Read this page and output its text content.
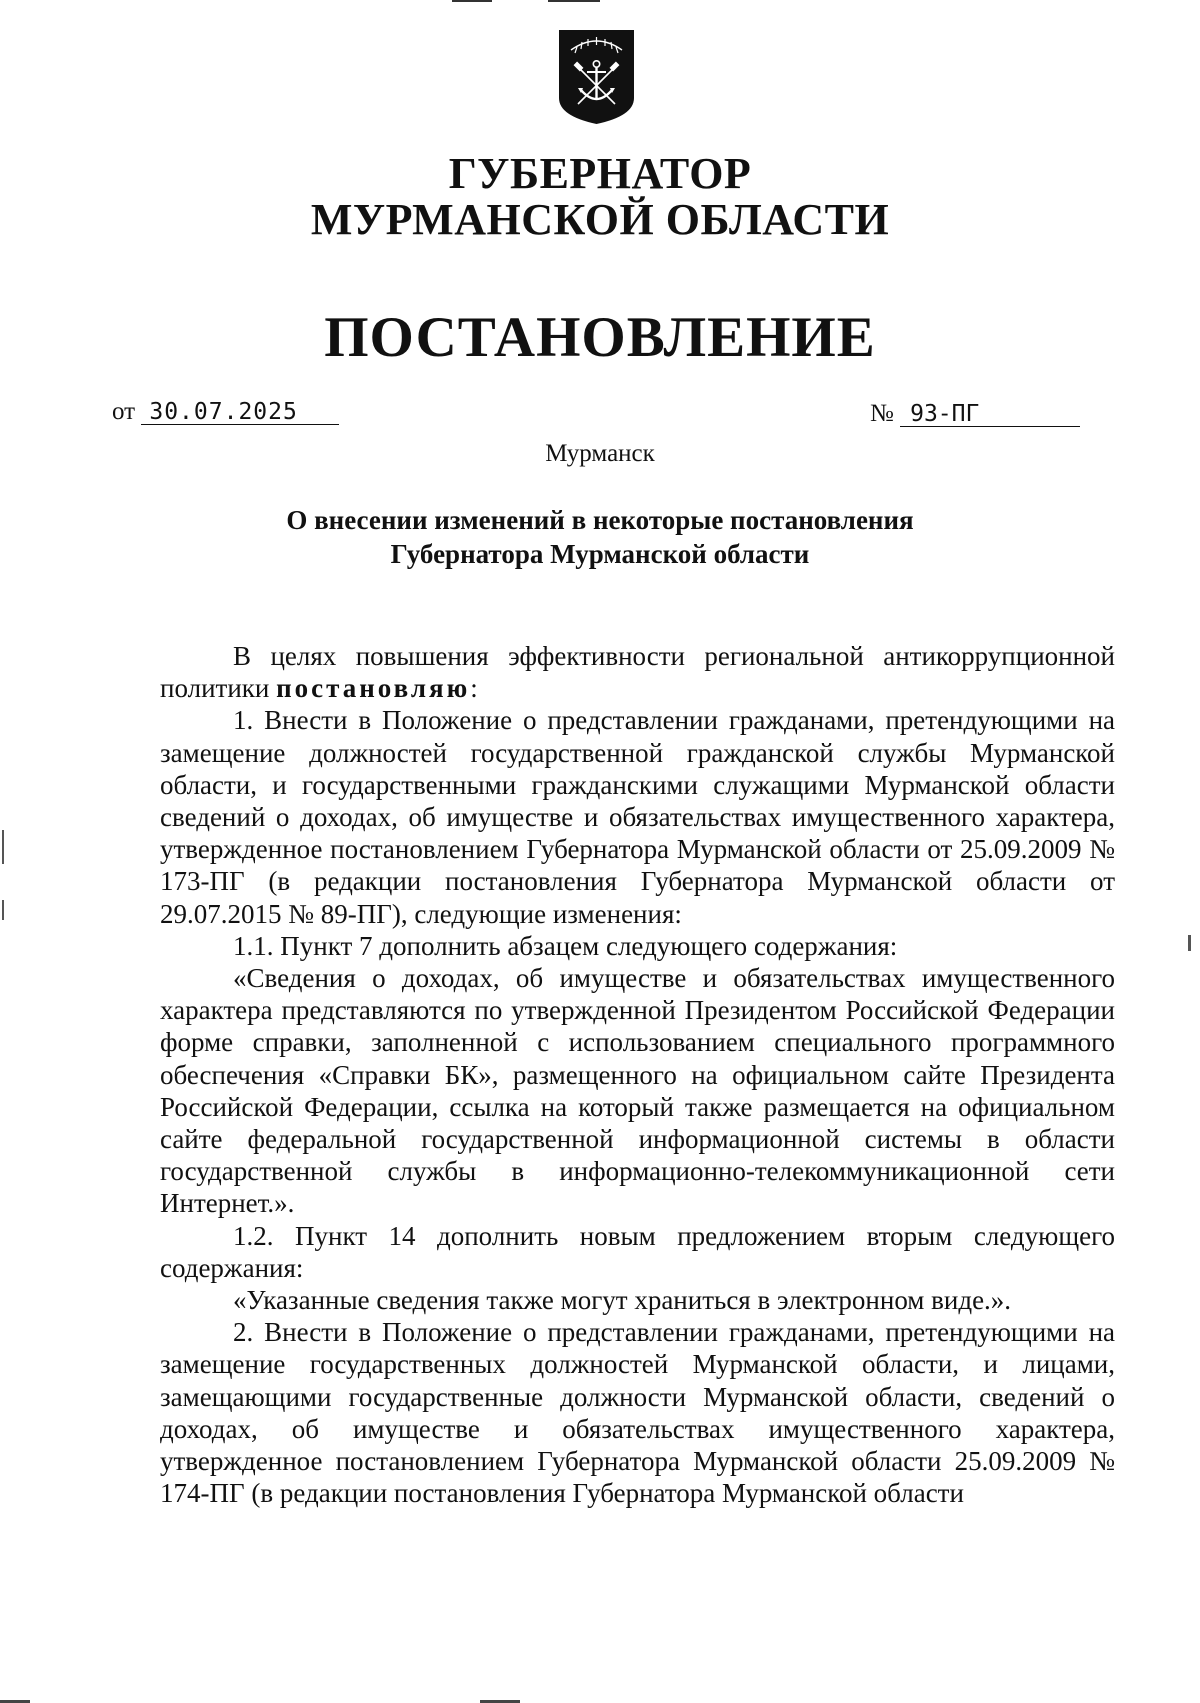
ГУБЕРНАТОР
МУРМАНСКОЙ ОБЛАСТИ
ПОСТАНОВЛЕНИЕ
от 30.07.2025	№ 93-ПГ

Мурманск

О внесении изменений в некоторые постановления
Губернатора Мурманской области

В целях повышения эффективности региональной антикоррупционной политики постановляю:

1. Внести в Положение о представлении гражданами, претендующими на замещение должностей государственной гражданской службы Мурманской области, и государственными гражданскими служащими Мурманской области сведений о доходах, об имуществе и обязательствах имущественного характера, утвержденное постановлением Губернатора Мурманской области от 25.09.2009 № 173-ПГ (в редакции постановления Губернатора Мурманской области от 29.07.2015 № 89-ПГ), следующие изменения:

1.1. Пункт 7 дополнить абзацем следующего содержания:

«Сведения о доходах, об имуществе и обязательствах имущественного характера представляются по утвержденной Президентом Российской Федерации форме справки, заполненной с использованием специального программного обеспечения «Справки БК», размещенного на официальном сайте Президента Российской Федерации, ссылка на который также размещается на официальном сайте федеральной государственной информационной системы в области государственной службы в информационно-телекоммуникационной сети Интернет.».

1.2. Пункт 14 дополнить новым предложением вторым следующего содержания:

«Указанные сведения также могут храниться в электронном виде.».

2. Внести в Положение о представлении гражданами, претендующими на замещение государственных должностей Мурманской области, и лицами, замещающими государственные должности Мурманской области, сведений о доходах, об имуществе и обязательствах имущественного характера, утвержденное постановлением Губернатора Мурманской области 25.09.2009 № 174-ПГ (в редакции постановления Губернатора Мурманской области
